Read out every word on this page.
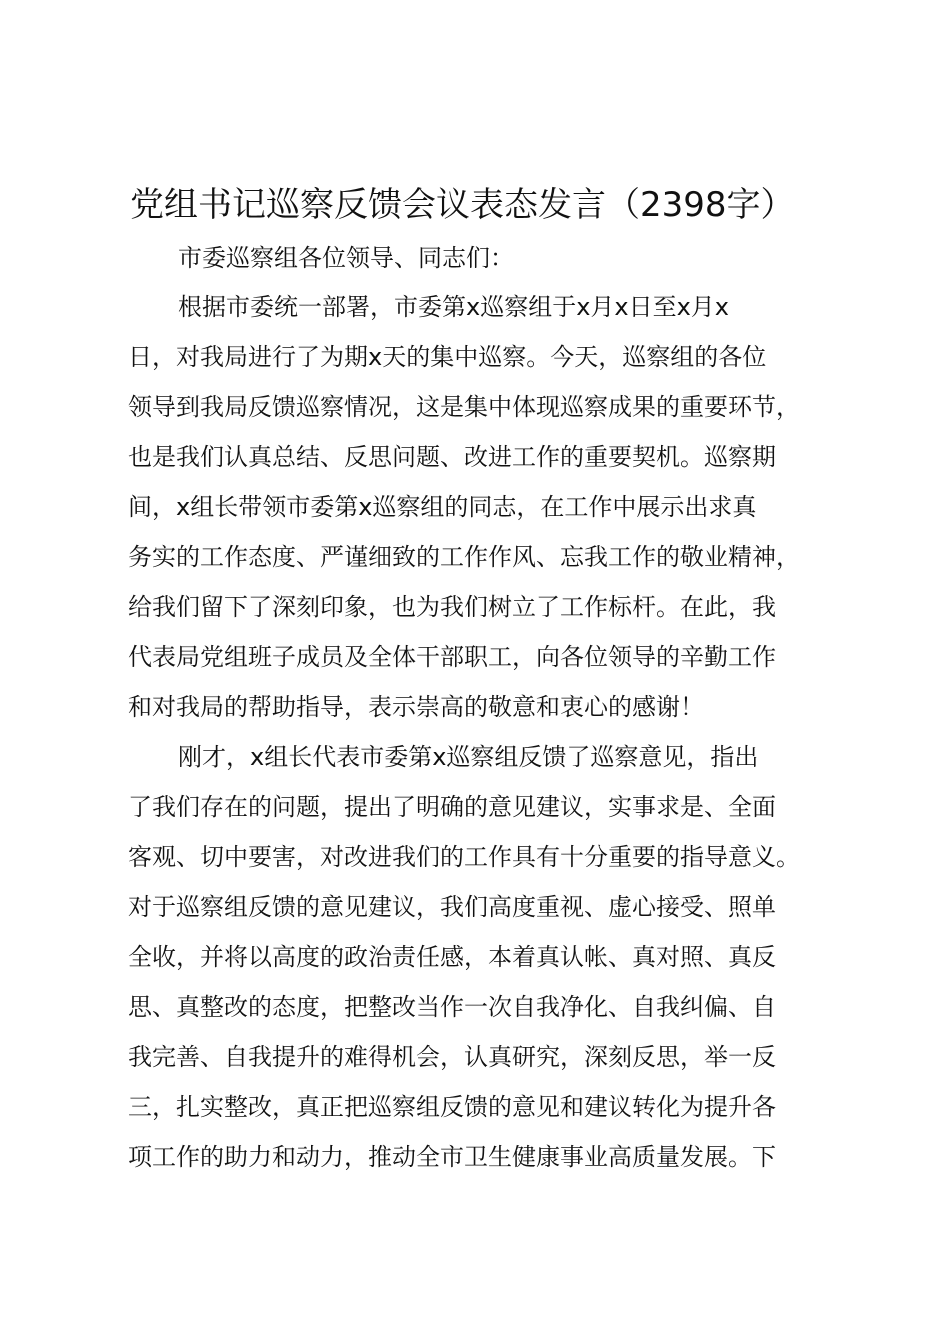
党组书记巡察反馈会议表态发言（2398字）
市委巡察组各位领导、同志们：
根据市委统一部署，市委第x巡察组于x月x日至x月x
日，对我局进行了为期x天的集中巡察。今天，巡察组的各位
领导到我局反馈巡察情况，这是集中体现巡察成果的重要环节，
也是我们认真总结、反思问题、改进工作的重要契机。巡察期
间，x组长带领市委第x巡察组的同志，在工作中展示出求真
务实的工作态度、严谨细致的工作作风、忘我工作的敬业精神，
给我们留下了深刻印象，也为我们树立了工作标杆。在此，我
代表局党组班子成员及全体干部职工，向各位领导的辛勤工作
和对我局的帮助指导，表示崇高的敬意和衷心的感谢！
刚才，x组长代表市委第x巡察组反馈了巡察意见，指出
了我们存在的问题，提出了明确的意见建议，实事求是、全面
客观、切中要害，对改进我们的工作具有十分重要的指导意义。
对于巡察组反馈的意见建议，我们高度重视、虚心接受、照单
全收，并将以高度的政治责任感，本着真认帐、真对照、真反
思、真整改的态度，把整改当作一次自我净化、自我纠偏、自
我完善、自我提升的难得机会，认真研究，深刻反思，举一反
三，扎实整改，真正把巡察组反馈的意见和建议转化为提升各
项工作的助力和动力，推动全市卫生健康事业高质量发展。下
